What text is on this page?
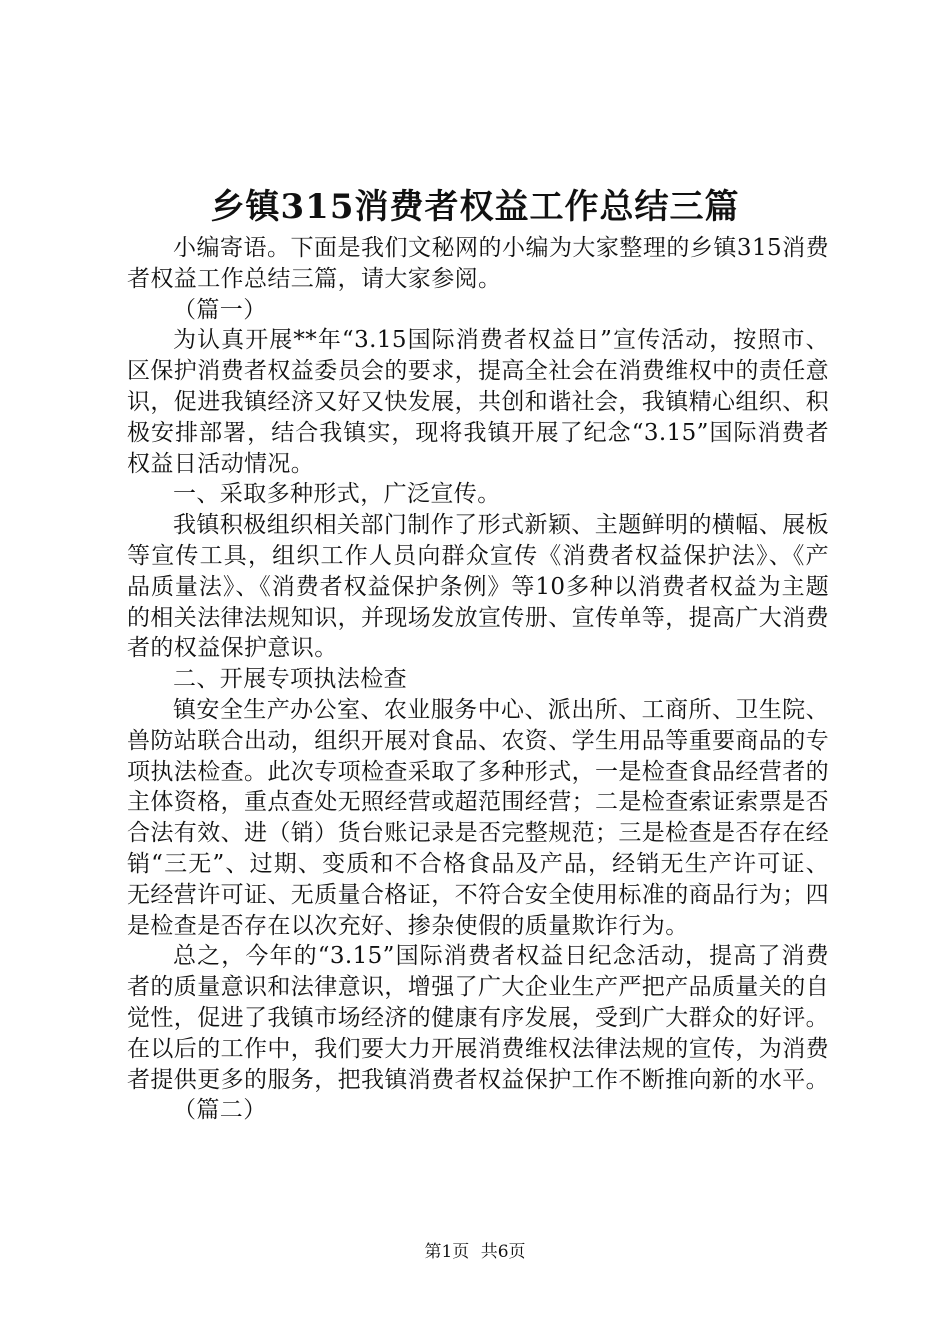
乡镇315消费者权益工作总结三篇

小编寄语。下面是我们文秘网的小编为大家整理的乡镇315消费者权益工作总结三篇，请大家参阅。

（篇一）

为认真开展**年“3.15国际消费者权益日”宣传活动，按照市、区保护消费者权益委员会的要求，提高全社会在消费维权中的责任意识，促进我镇经济又好又快发展，共创和谐社会，我镇精心组织、积极安排部署，结合我镇实，现将我镇开展了纪念“3.15”国际消费者权益日活动情况。

一、采取多种形式，广泛宣传。

我镇积极组织相关部门制作了形式新颖、主题鲜明的横幅、展板等宣传工具，组织工作人员向群众宣传《消费者权益保护法》、《产品质量法》、《消费者权益保护条例》等10多种以消费者权益为主题的相关法律法规知识，并现场发放宣传册、宣传单等，提高广大消费者的权益保护意识。

二、开展专项执法检查

镇安全生产办公室、农业服务中心、派出所、工商所、卫生院、兽防站联合出动，组织开展对食品、农资、学生用品等重要商品的专项执法检查。此次专项检查采取了多种形式，一是检查食品经营者的主体资格，重点查处无照经营或超范围经营；二是检查索证索票是否合法有效、进（销）货台账记录是否完整规范；三是检查是否存在经销“三无”、过期、变质和不合格食品及产品，经销无生产许可证、无经营许可证、无质量合格证，不符合安全使用标准的商品行为；四是检查是否存在以次充好、掺杂使假的质量欺诈行为。

总之，今年的“3.15”国际消费者权益日纪念活动，提高了消费者的质量意识和法律意识，增强了广大企业生产严把产品质量关的自觉性，促进了我镇市场经济的健康有序发展，受到广大群众的好评。在以后的工作中，我们要大力开展消费维权法律法规的宣传，为消费者提供更多的服务，把我镇消费者权益保护工作不断推向新的水平。

（篇二）

第1页 共6页
